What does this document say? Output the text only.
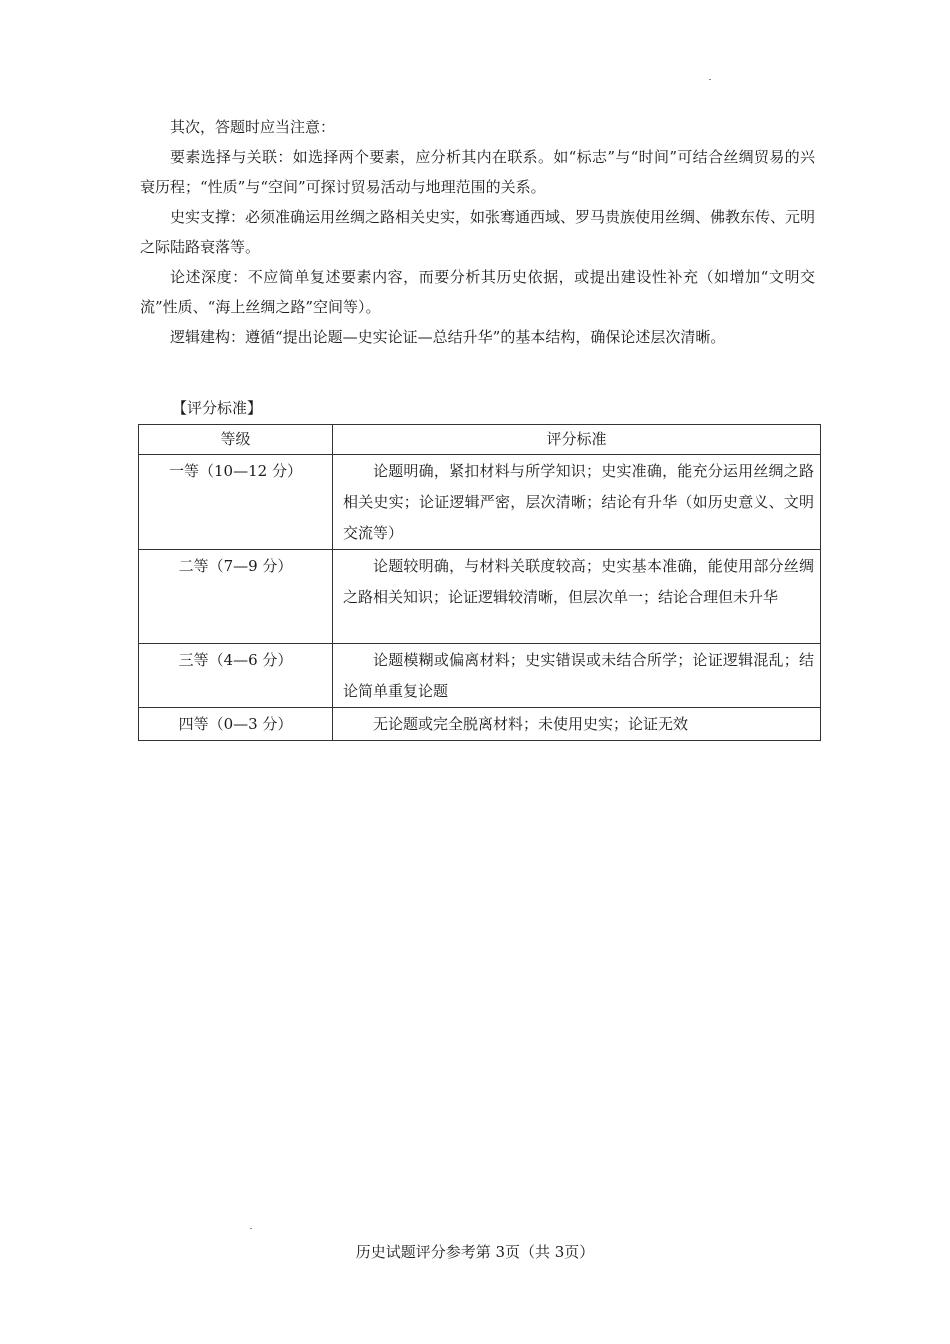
其次，答题时应当注意：

要素选择与关联：如选择两个要素，应分析其内在联系。如“标志”与“时间”可结合丝绸贸易的兴衰历程；“性质”与“空间”可探讨贸易活动与地理范围的关系。

史实支撑：必须准确运用丝绸之路相关史实，如张骞通西域、罗马贵族使用丝绸、佛教东传、元明之际陆路衰落等。

论述深度：不应简单复述要素内容，而要分析其历史依据，或提出建设性补充（如增加“文明交流”性质、“海上丝绸之路”空间等）。

逻辑建构：遵循“提出论题—史实论证—总结升华”的基本结构，确保论述层次清晰。

【评分标准】
等级	评分标准
一等（10—12 分）	论题明确，紧扣材料与所学知识；史实准确，能充分运用丝绸之路相关史实；论证逻辑严密，层次清晰；结论有升华（如历史意义、文明交流等）
二等（7—9 分）	论题较明确，与材料关联度较高；史实基本准确，能使用部分丝绸之路相关知识；论证逻辑较清晰，但层次单一；结论合理但未升华
三等（4—6 分）	论题模糊或偏离材料；史实错误或未结合所学；论证逻辑混乱；结论简单重复论题
四等（0—3 分）	无论题或完全脱离材料；未使用史实；论证无效
历史试题评分参考第 3页（共 3页）
